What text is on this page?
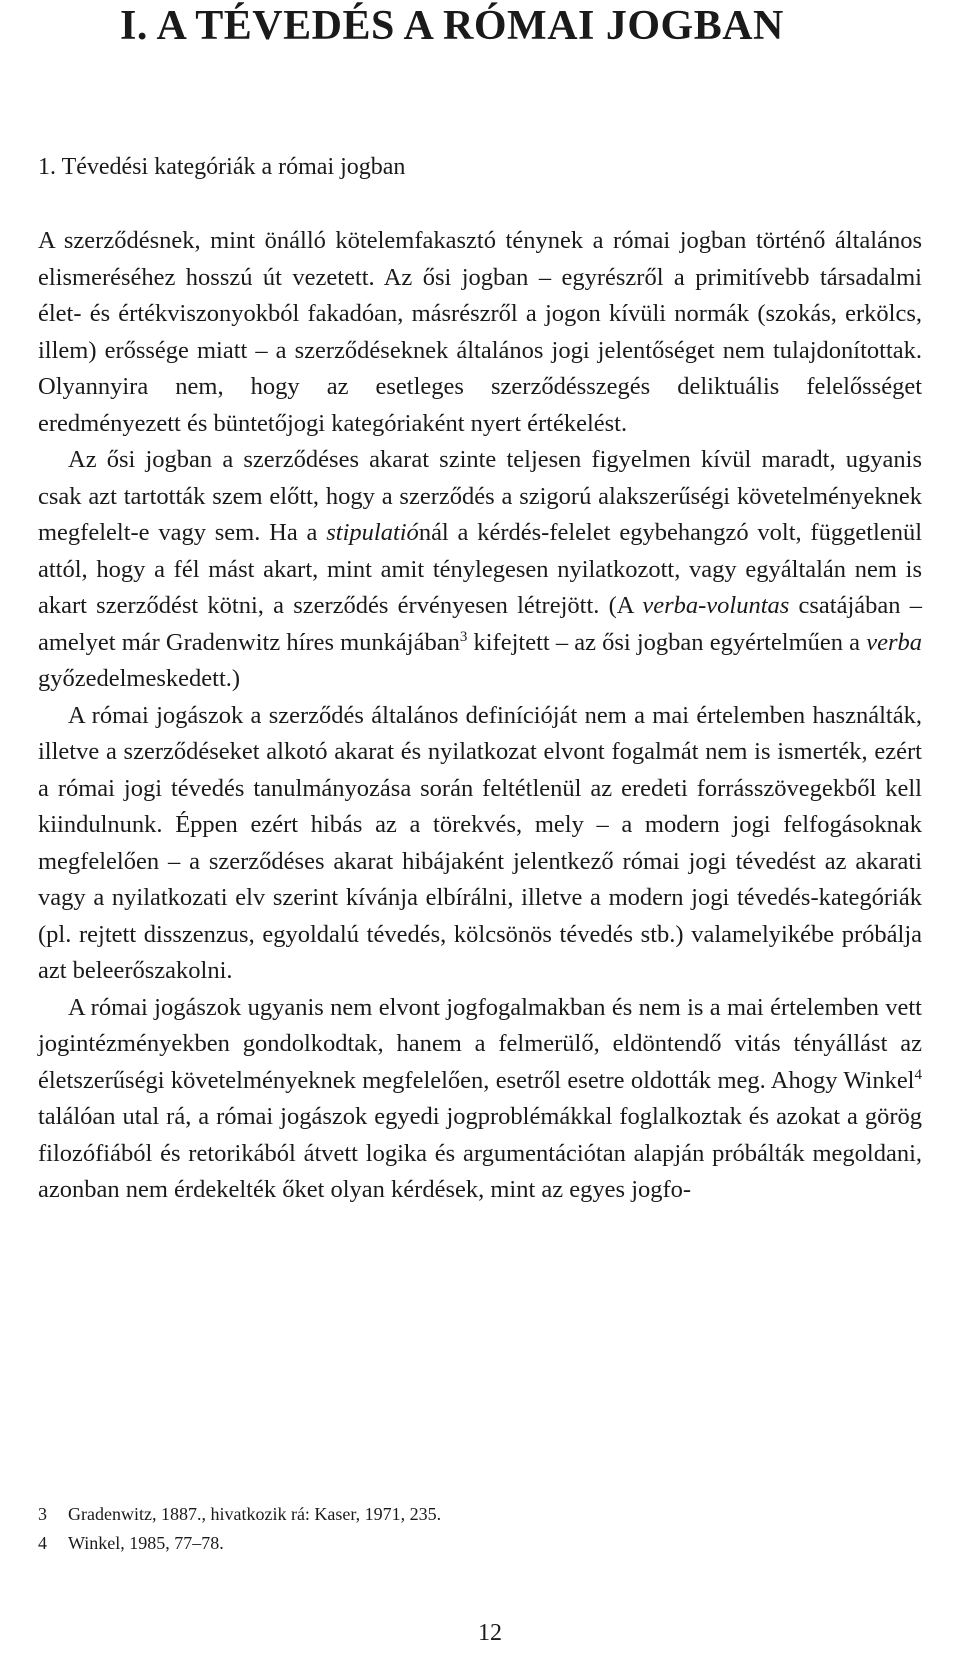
I. A TÉVEDÉS A RÓMAI JOGBAN
1. Tévedési kategóriák a római jogban

A szerződésnek, mint önálló kötelemfakasztó ténynek a római jogban történő általános elismeréséhez hosszú út vezetett. Az ősi jogban – egyrészről a primitívebb társadalmi élet- és értékviszonyokból fakadóan, másrészről a jogon kívüli normák (szokás, erkölcs, illem) erőssége miatt – a szerződéseknek általános jogi jelentőséget nem tulajdonítottak. Olyannyira nem, hogy az esetleges szerződésszegés deliktuális felelősséget eredményezett és büntetőjogi kategóriaként nyert értékelést.

Az ősi jogban a szerződéses akarat szinte teljesen figyelmen kívül maradt, ugyanis csak azt tartották szem előtt, hogy a szerződés a szigorú alakszerűségi követelményeknek megfelelt-e vagy sem. Ha a stipulatiónál a kérdés-felelet egybehangzó volt, függetlenül attól, hogy a fél mást akart, mint amit ténylegesen nyilatkozott, vagy egyáltalán nem is akart szerződést kötni, a szerződés érvényesen létrejött. (A verba-voluntas csatájában – amelyet már Gradenwitz híres munkájában$^3$ kifejtett – az ősi jogban egyértelműen a verba győzedelmeskedett.)

A római jogászok a szerződés általános definícióját nem a mai értelemben használták, illetve a szerződéseket alkotó akarat és nyilatkozat elvont fogalmát nem is ismerték, ezért a római jogi tévedés tanulmányozása során feltétlenül az eredeti forrásszövegekből kell kiindulnunk. Éppen ezért hibás az a törekvés, mely – a modern jogi felfogásoknak megfelelően – a szerződéses akarat hibájaként jelentkező római jogi tévedést az akarati vagy a nyilatkozati elv szerint kívánja elbírálni, illetve a modern jogi tévedés-kategóriák (pl. rejtett disszenzus, egyoldalú tévedés, kölcsönös tévedés stb.) valamelyikébe próbálja azt beleerőszakolni.

A római jogászok ugyanis nem elvont jogfogalmakban és nem is a mai értelemben vett jogintézményekben gondolkodtak, hanem a felmerülő, eldöntendő vitás tényállást az életszerűségi követelményeknek megfelelően, esetről esetre oldották meg. Ahogy Winkel$^4$ találóan utal rá, a római jogászok egyedi jogproblémákkal foglalkoztak és azokat a görög filozófiából és retorikából átvett logika és argumentációtan alapján próbálták megoldani, azonban nem érdekelték őket olyan kérdések, mint az egyes jogfo-

3 Gradenwitz, 1887., hivatkozik rá: Kaser, 1971, 235.
4 Winkel, 1985, 77–78.
12
